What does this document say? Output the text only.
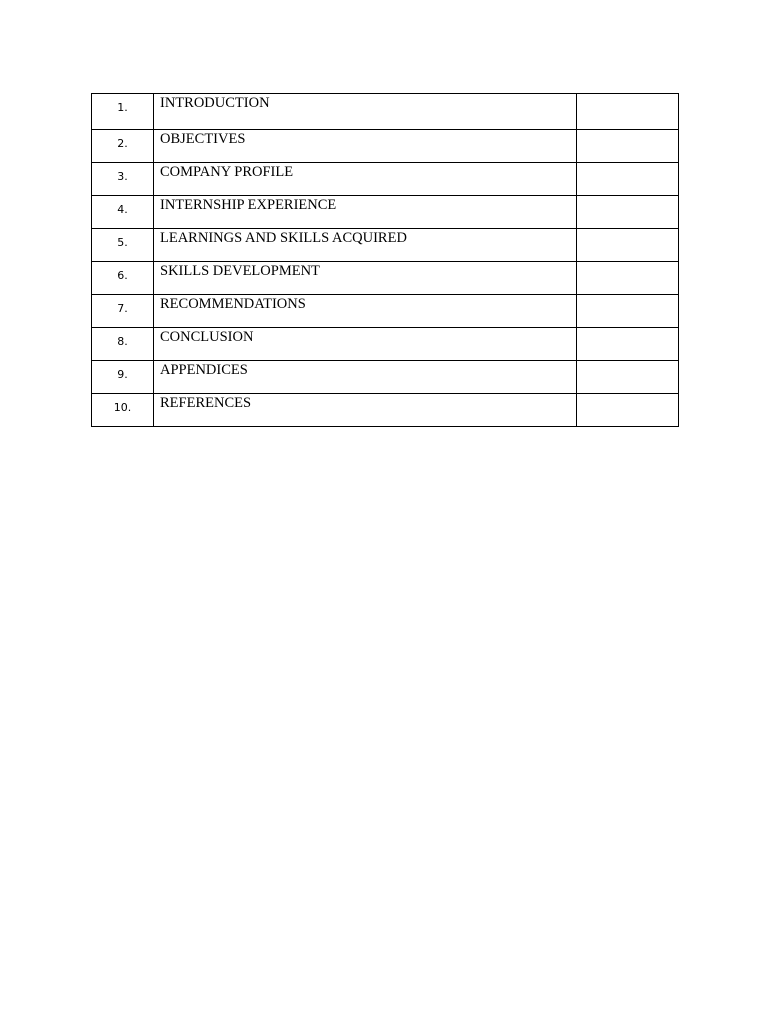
1.	INTRODUCTION	
2.	OBJECTIVES	
3.	COMPANY PROFILE	
4.	INTERNSHIP EXPERIENCE	
5.	LEARNINGS AND SKILLS ACQUIRED	
6.	SKILLS DEVELOPMENT	
7.	RECOMMENDATIONS	
8.	CONCLUSION	
9.	APPENDICES	
10.	REFERENCES	
